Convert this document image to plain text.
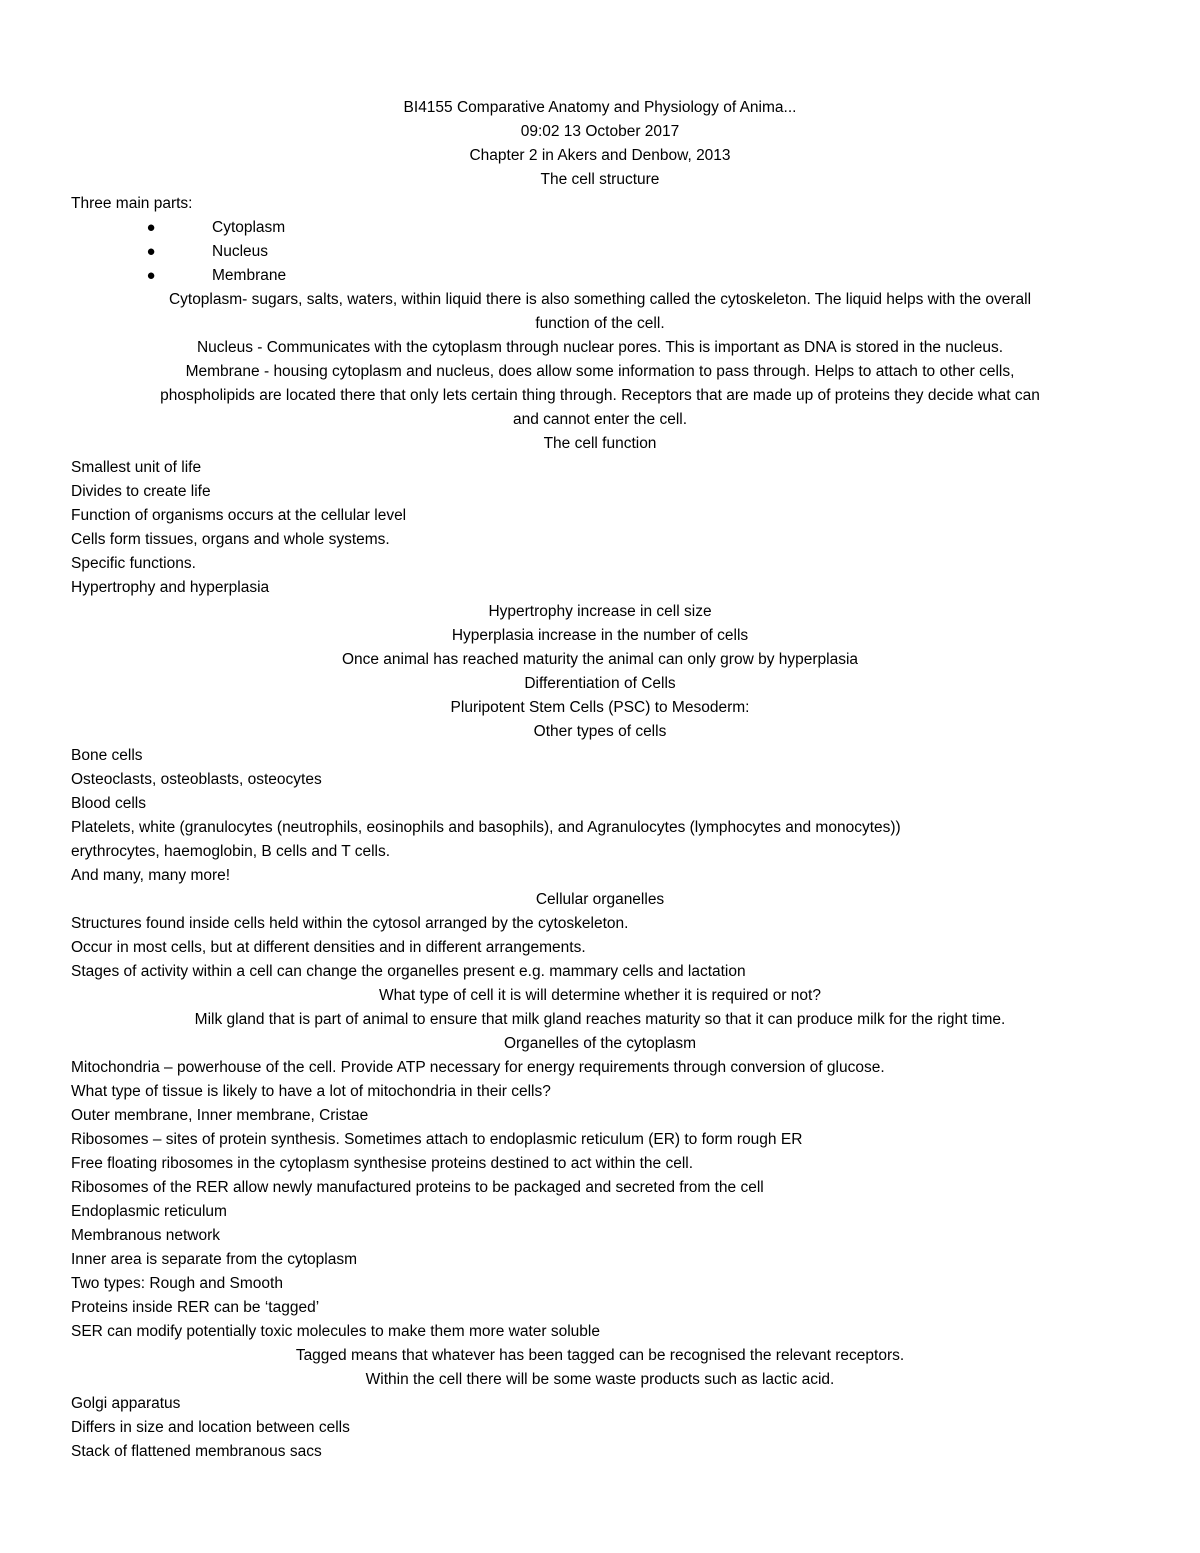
BI4155 Comparative Anatomy and Physiology of Anima...
09:02 13 October 2017
Chapter 2 in Akers and Denbow, 2013
The cell structure
Three main parts:
●	Cytoplasm
●	Nucleus
●	Membrane
Cytoplasm- sugars, salts, waters, within liquid there is also something called the cytoskeleton. The liquid helps with the overall
function of the cell.
Nucleus - Communicates with the cytoplasm through nuclear pores. This is important as DNA is stored in the nucleus.
Membrane - housing cytoplasm and nucleus, does allow some information to pass through. Helps to attach to other cells,
phospholipids are located there that only lets certain thing through. Receptors that are made up of proteins they decide what can
and cannot enter the cell.
The cell function
Smallest unit of life
Divides to create life
Function of organisms occurs at the cellular level
Cells form tissues, organs and whole systems.
Specific functions.
Hypertrophy and hyperplasia
Hypertrophy increase in cell size
Hyperplasia increase in the number of cells
Once animal has reached maturity the animal can only grow by hyperplasia
Differentiation of Cells
Pluripotent Stem Cells (PSC) to Mesoderm:
Other types of cells
Bone cells
Osteoclasts, osteoblasts, osteocytes
Blood cells
Platelets, white (granulocytes (neutrophils, eosinophils and basophils), and Agranulocytes (lymphocytes and monocytes))
erythrocytes, haemoglobin, B cells and T cells.
And many, many more!
Cellular organelles
Structures found inside cells held within the cytosol arranged by the cytoskeleton.
Occur in most cells, but at different densities and in different arrangements.
Stages of activity within a cell can change the organelles present e.g. mammary cells and lactation
What type of cell it is will determine whether it is required or not?
Milk gland that is part of animal to ensure that milk gland reaches maturity so that it can produce milk for the right time.
Organelles of the cytoplasm
Mitochondria – powerhouse of the cell. Provide ATP necessary for energy requirements through conversion of glucose.
What type of tissue is likely to have a lot of mitochondria in their cells?
Outer membrane, Inner membrane, Cristae
Ribosomes – sites of protein synthesis. Sometimes attach to endoplasmic reticulum (ER) to form rough ER
Free floating ribosomes in the cytoplasm synthesise proteins destined to act within the cell.
Ribosomes of the RER allow newly manufactured proteins to be packaged and secreted from the cell
Endoplasmic reticulum
Membranous network
Inner area is separate from the cytoplasm
Two types: Rough and Smooth
Proteins inside RER can be ‘tagged’
SER can modify potentially toxic molecules to make them more water soluble
Tagged means that whatever has been tagged can be recognised the relevant receptors.
Within the cell there will be some waste products such as lactic acid.
Golgi apparatus
Differs in size and location between cells
Stack of flattened membranous sacs
